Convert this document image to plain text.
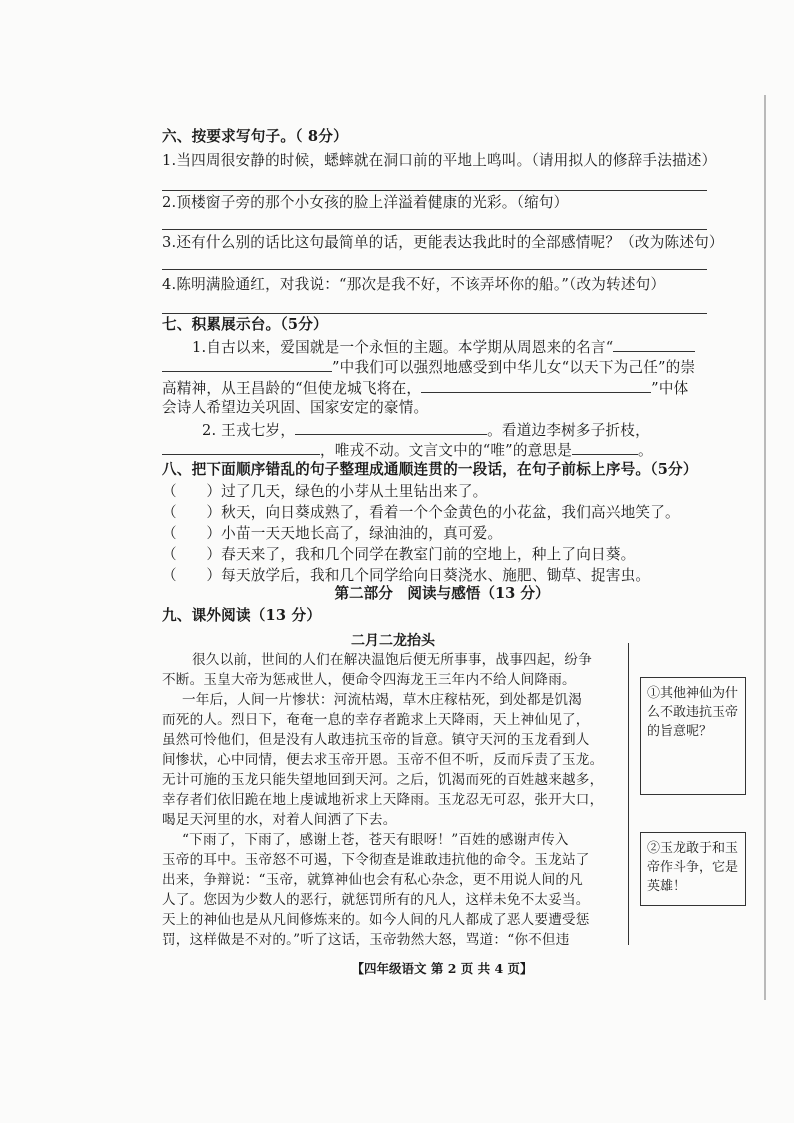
六、按要求写句子。（ 8分）
1.当四周很安静的时候，蟋蟀就在洞口前的平地上鸣叫。（请用拟人的修辞手法描述）
2.顶楼窗子旁的那个小女孩的脸上洋溢着健康的光彩。（缩句）
3.还有什么别的话比这句最简单的话，更能表达我此时的全部感情呢？（改为陈述句）
4.陈明满脸通红，对我说：“那次是我不好，不该弄坏你的船。”（改为转述句）
七、积累展示台。（5分）
1.自古以来，爱国就是一个永恒的主题。本学期从周恩来的名言“
”中我们可以强烈地感受到中华儿女“以天下为己任”的崇
高精神，从王昌龄的“但使龙城飞将在，	”中体
会诗人希望边关巩固、国家安定的豪情。
2. 王戎七岁，	。看道边李树多子折枝，
，唯戎不动。文言文中的“唯”的意思是	。
八、把下面顺序错乱的句子整理成通顺连贯的一段话，在句子前标上序号。（5分）
（　　）过了几天，绿色的小芽从土里钻出来了。
（　　）秋天，向日葵成熟了，看着一个个金黄色的小花盆，我们高兴地笑了。
（　　）小苗一天天地长高了，绿油油的，真可爱。
（　　）春天来了，我和几个同学在教室门前的空地上，种上了向日葵。
（　　）每天放学后，我和几个同学给向日葵浇水、施肥、锄草、捉害虫。
第二部分　阅读与感悟（13 分）
九、课外阅读（13 分）
二月二龙抬头
很久以前，世间的人们在解决温饱后便无所事事，战事四起，纷争
不断。玉皇大帝为惩戒世人，便命令四海龙王三年内不给人间降雨。
一年后，人间一片惨状：河流枯竭，草木庄稼枯死，到处都是饥渴
而死的人。烈日下，奄奄一息的幸存者跪求上天降雨，天上神仙见了，
虽然可怜他们，但是没有人敢违抗玉帝的旨意。镇守天河的玉龙看到人
间惨状，心中同情，便去求玉帝开恩。玉帝不但不听，反而斥责了玉龙。
无计可施的玉龙只能失望地回到天河。之后，饥渴而死的百姓越来越多，
幸存者们依旧跪在地上虔诚地祈求上天降雨。玉龙忍无可忍，张开大口，
喝足天河里的水，对着人间洒了下去。
“下雨了，下雨了，感谢上苍，苍天有眼呀！”百姓的感谢声传入
玉帝的耳中。玉帝怒不可遏，下令彻查是谁敢违抗他的命令。玉龙站了
出来，争辩说：“玉帝，就算神仙也会有私心杂念，更不用说人间的凡
人了。您因为少数人的恶行，就惩罚所有的凡人，这样未免不太妥当。
天上的神仙也是从凡间修炼来的。如今人间的凡人都成了恶人要遭受惩
罚，这样做是不对的。”听了这话，玉帝勃然大怒，骂道：“你不但违
①其他神仙为什么不敢违抗玉帝的旨意呢？
②玉龙敢于和玉帝作斗争，它是英雄！
【四年级语文 第 2 页 共 4 页】
